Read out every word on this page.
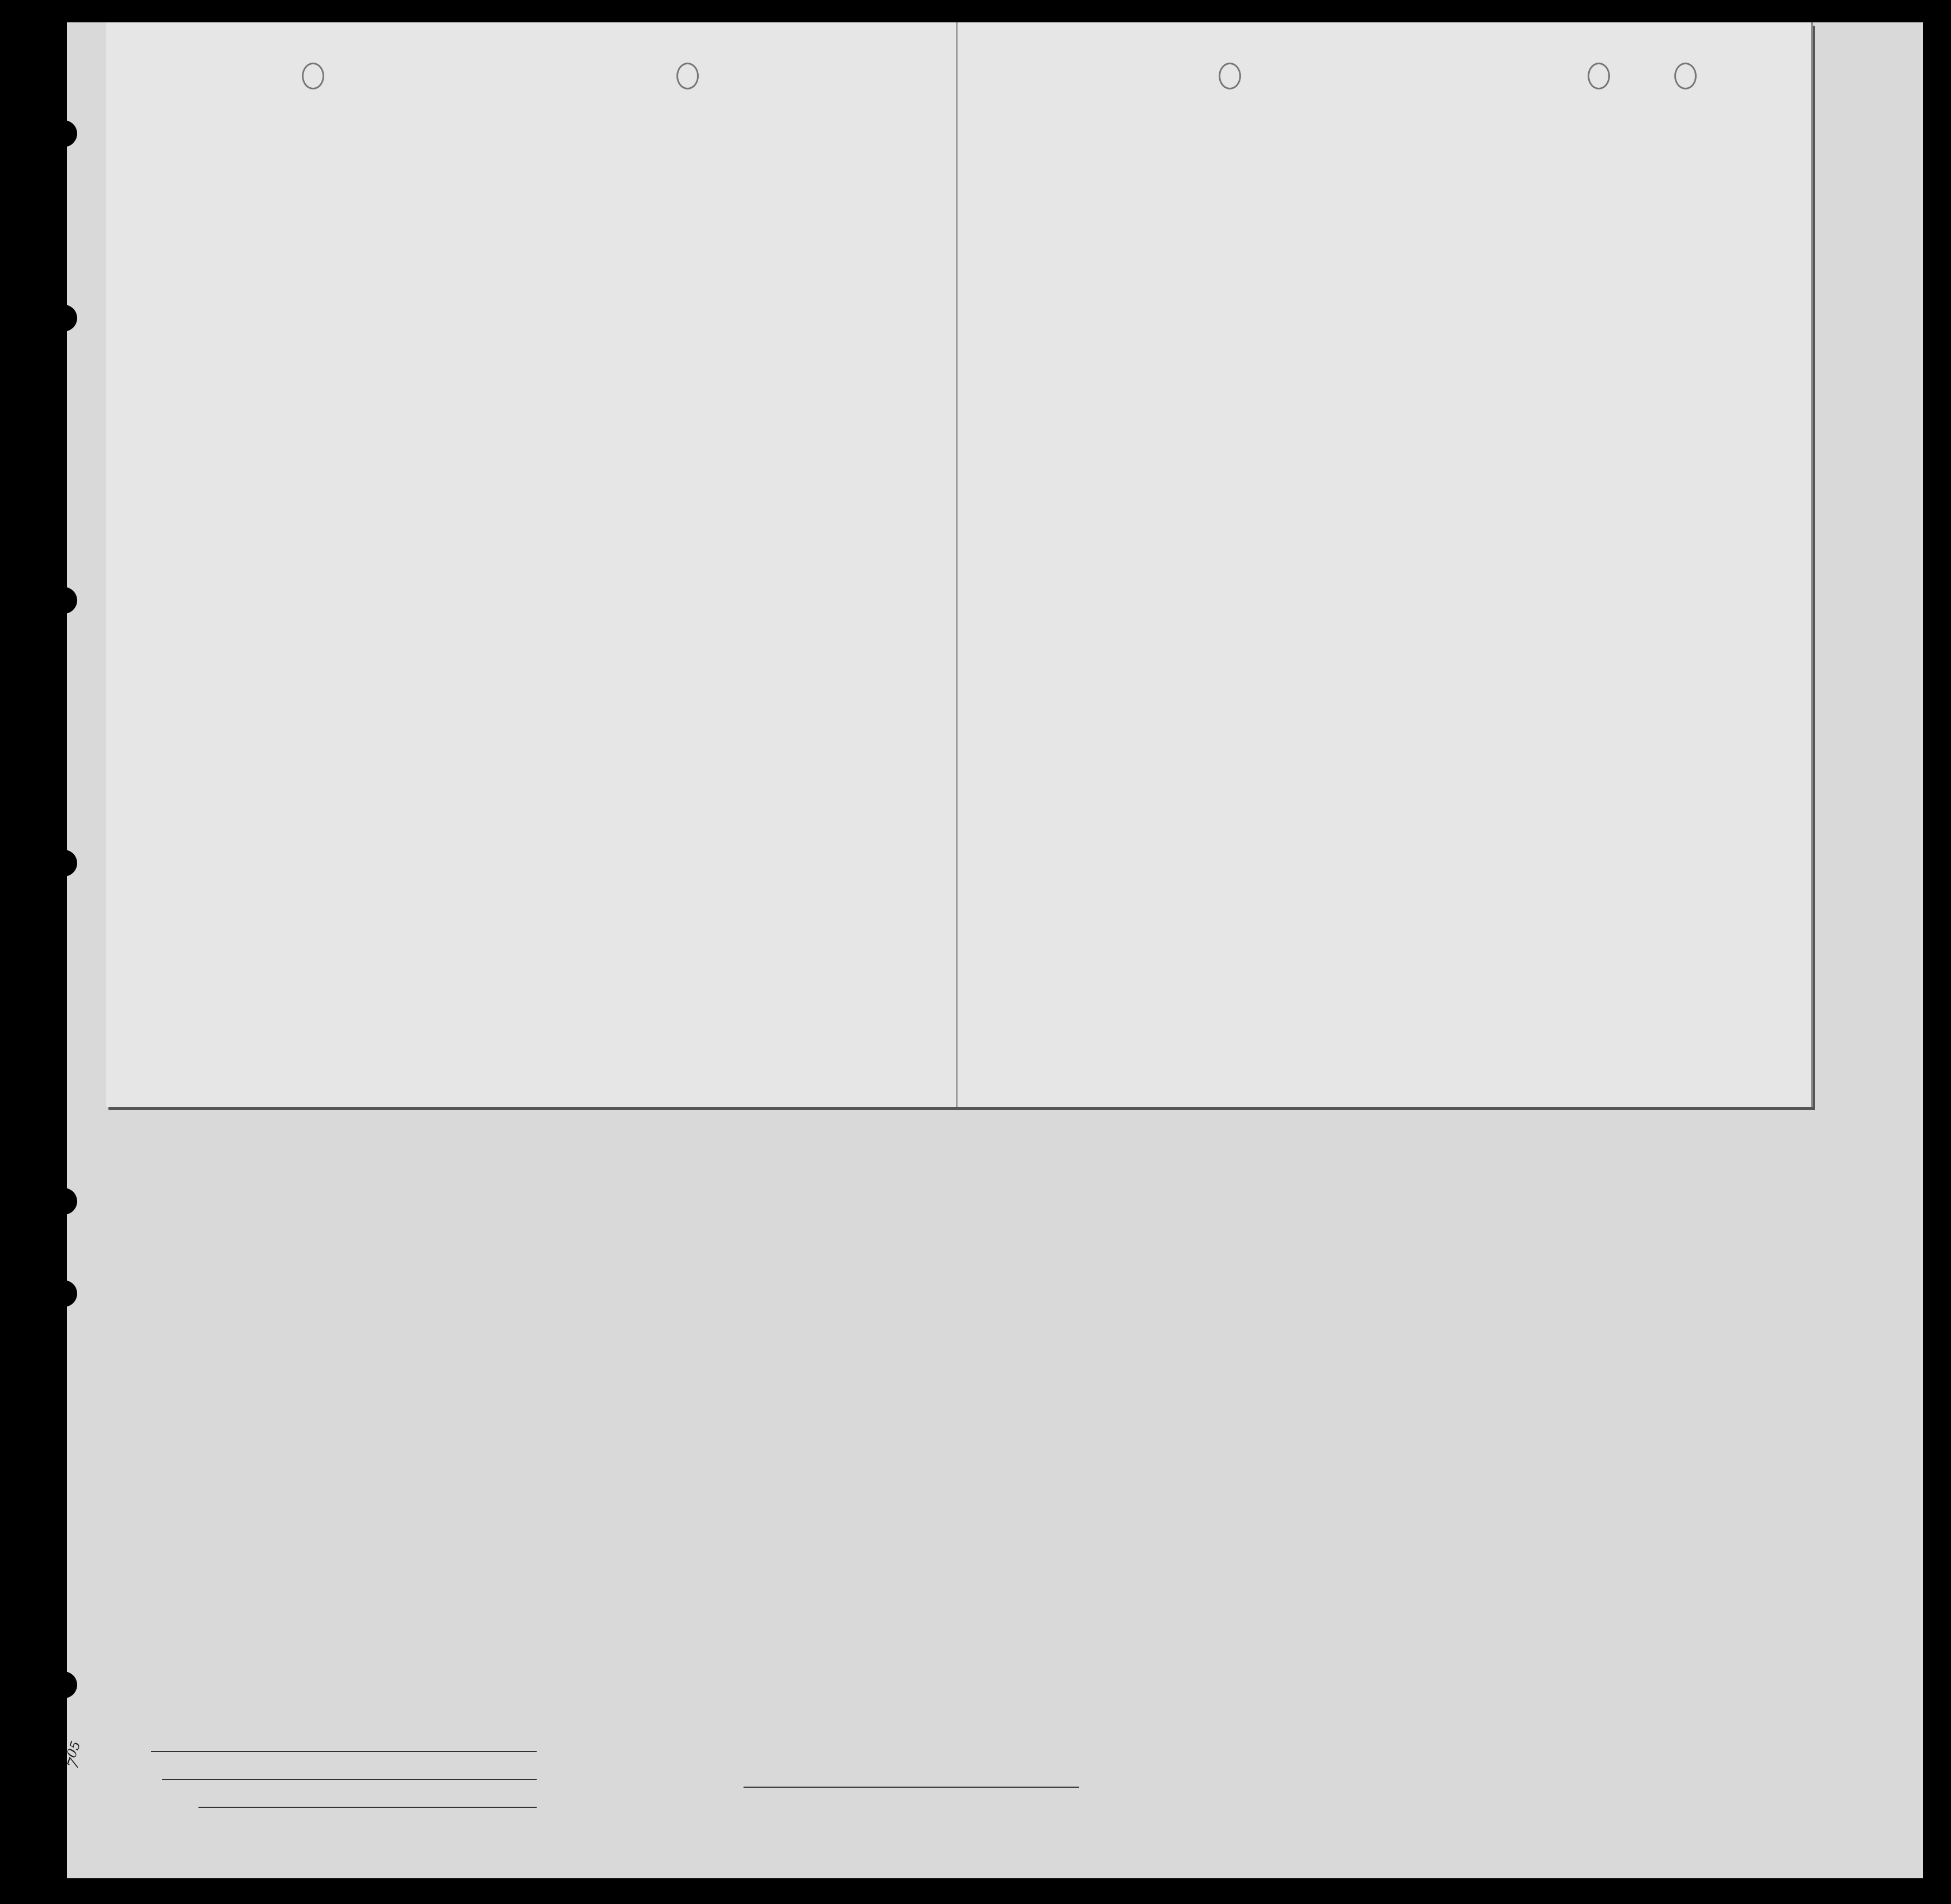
$7^{05}$
